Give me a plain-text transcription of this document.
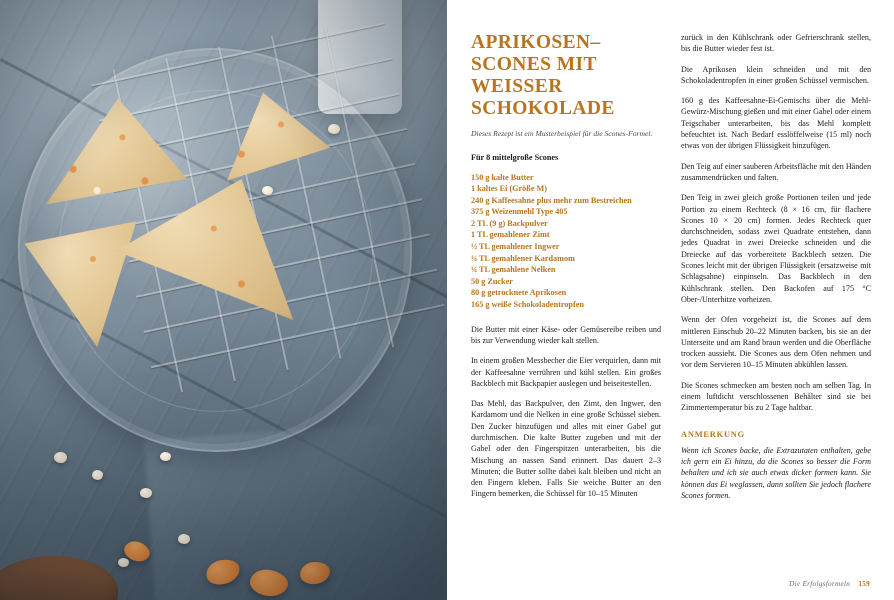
APRIKOSEN–
SCONES MIT
WEISSER
SCHOKOLADE

Dieses Rezept ist ein Musterbeispiel für die Scones-Formel.

Für 8 mittelgroße Scones

150 g kalte Butter
1 kaltes Ei (Größe M)
240 g Kaffeesahne plus mehr zum Bestreichen
375 g Weizenmehl Type 405
2 TL (9 g) Backpulver
1 TL gemahlener Zimt
½ TL gemahlener Ingwer
¼ TL gemahlener Kardamom
¼ TL gemahlene Nelken
50 g Zucker
80 g getrocknete Aprikosen
165 g weiße Schokoladentropfen

Die Butter mit einer Käse- oder Gemüsereibe reiben und bis zur Verwendung wieder kalt stellen.

In einem großen Messbecher die Eier verquirlen, dann mit der Kaffeesahne verrühren und kühl stellen. Ein großes Backblech mit Backpapier auslegen und beiseitestellen.

Das Mehl, das Backpulver, den Zimt, den Ingwer, den Kardamom und die Nelken in eine große Schüssel sieben. Den Zucker hinzufügen und alles mit einer Gabel gut durchmischen. Die kalte Butter zugeben und mit der Gabel oder den Fingerspitzen unterarbeiten, bis die Mischung an nassen Sand erinnert. Das dauert 2–3 Minuten; die Butter sollte dabei kalt bleiben und nicht an den Fingern kleben. Falls Sie weiche Butter an den Fingern bemerken, die Schüssel für 10–15 Minuten

zurück in den Kühlschrank oder Gefrierschrank stellen, bis die Butter wieder fest ist.

Die Aprikosen klein schneiden und mit den Schokoladentropfen in einer großen Schüssel vermischen.

160 g des Kaffeesahne-Ei-Gemischs über die Mehl-Gewürz-Mischung gießen und mit einer Gabel oder einem Teigschaber unterarbeiten, bis das Mehl komplett befeuchtet ist. Nach Bedarf esslöffelweise (15 ml) noch etwas von der übrigen Flüssigkeit hinzufügen.

Den Teig auf einer sauberen Arbeitsfläche mit den Händen zusammendrücken und falten.

Den Teig in zwei gleich große Portionen teilen und jede Portion zu einem Rechteck (8 × 16 cm, für flachere Scones 10 × 20 cm) formen. Jedes Rechteck quer durchschneiden, sodass zwei Quadrate entstehen, dann jedes Quadrat in zwei Dreiecke schneiden und die Dreiecke auf das vorbereitete Backblech setzen. Die Scones leicht mit der übrigen Flüssigkeit (ersatzweise mit Schlagsahne) einpinseln. Das Backblech in den Kühlschrank stellen. Den Backofen auf 175 °C Ober-/Unterhitze vorheizen.

Wenn der Ofen vorgeheizt ist, die Scones auf dem mittleren Einschub 20–22 Minuten backen, bis sie an der Unterseite und am Rand braun werden und die Oberfläche trocken aussieht. Die Scones aus dem Ofen nehmen und vor dem Servieren 10–15 Minuten abkühlen lassen.

Die Scones schmecken am besten noch am selben Tag. In einem luftdicht verschlossenen Behälter sind sie bei Zimmertemperatur bis zu 2 Tage haltbar.

ANMERKUNG

Wenn ich Scones backe, die Extrazutaten enthalten, gebe ich gern ein Ei hinzu, da die Scones so besser die Form behalten und ich sie auch etwas dicker formen kann. Sie können das Ei weglassen, dann sollten Sie jedoch flachere Scones formen.

Die Erfolgsformeln 159
